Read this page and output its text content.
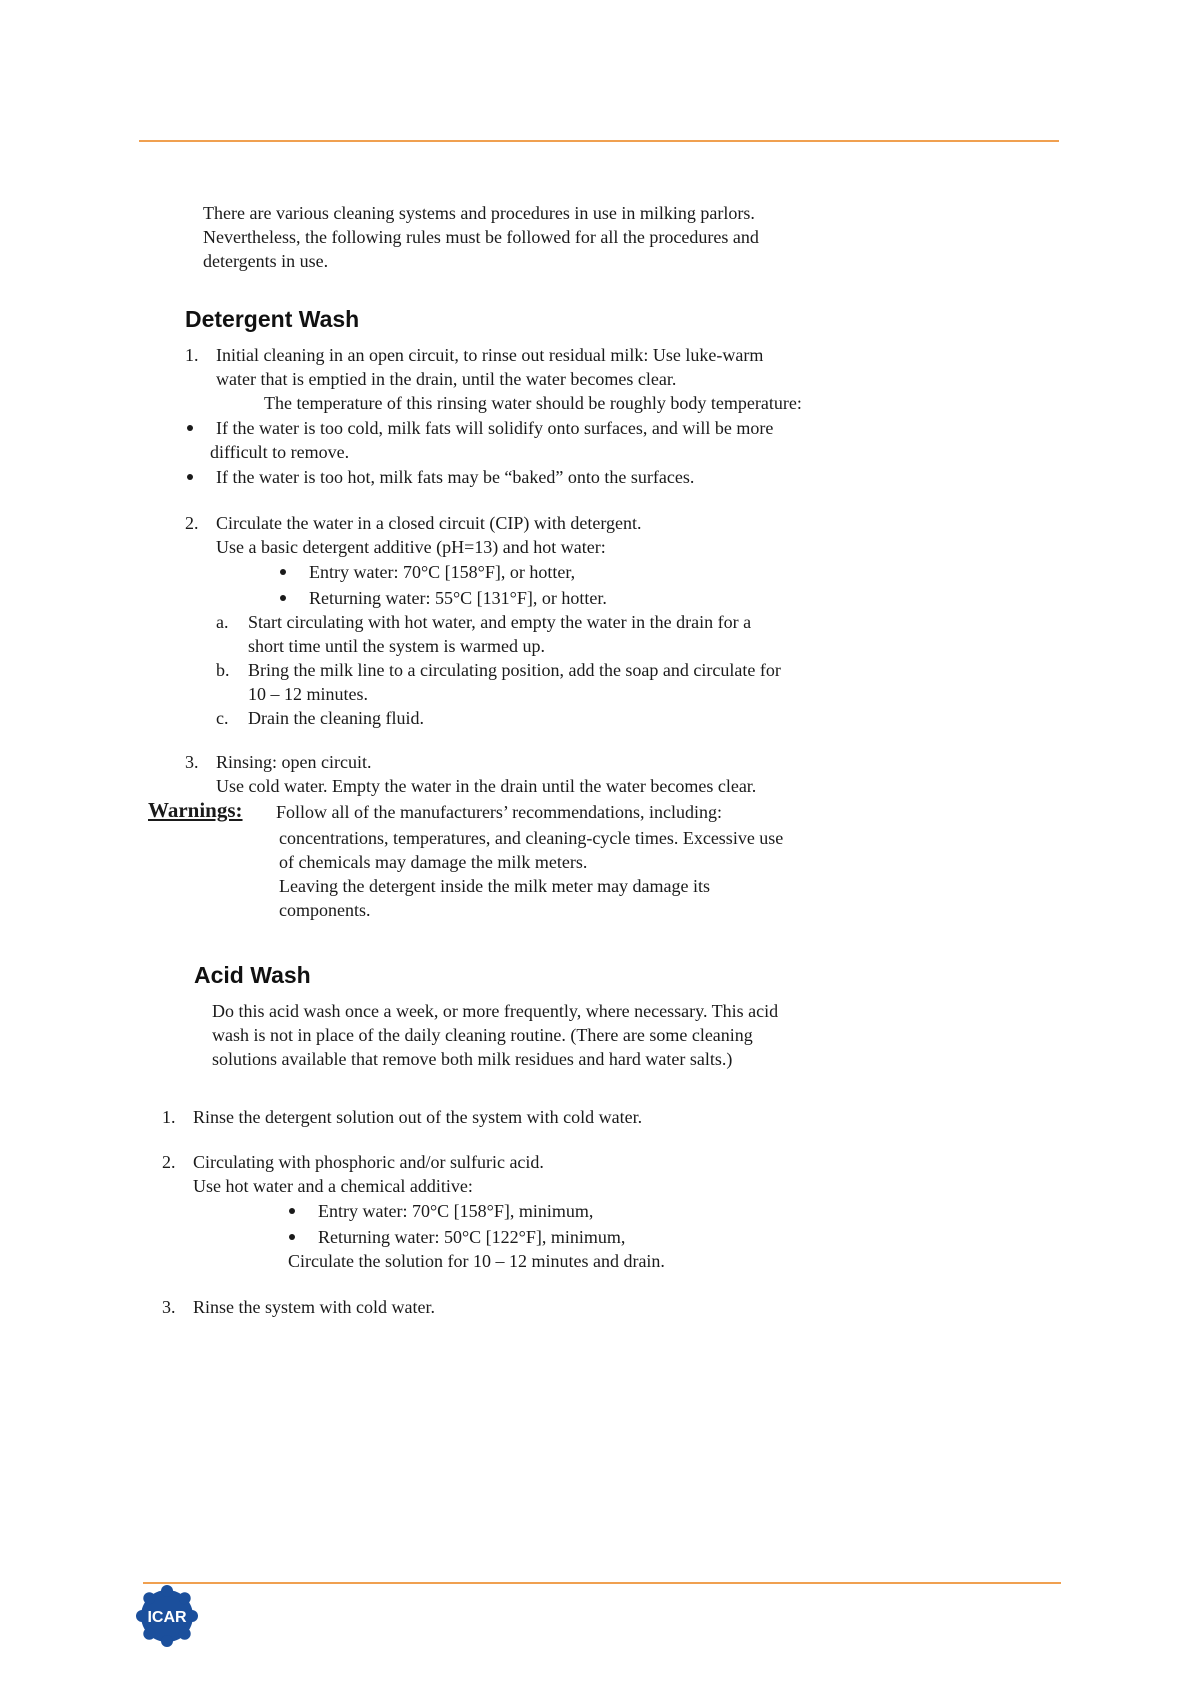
There are various cleaning systems and procedures in use in milking parlors.
Nevertheless, the following rules must be followed for all the procedures and
detergents in use.
Detergent Wash
1. Initial cleaning in an open circuit, to rinse out residual milk: Use luke-warm
water that is emptied in the drain, until the water becomes clear.
The temperature of this rinsing water should be roughly body temperature:
If the water is too cold, milk fats will solidify onto surfaces, and will be more
difficult to remove.
If the water is too hot, milk fats may be “baked” onto the surfaces.
2. Circulate the water in a closed circuit (CIP) with detergent.
Use a basic detergent additive (pH=13) and hot water:
Entry water: 70°C [158°F], or hotter,
Returning water: 55°C [131°F], or hotter.
a. Start circulating with hot water, and empty the water in the drain for a
short time until the system is warmed up.
b. Bring the milk line to a circulating position, add the soap and circulate for
10 – 12 minutes.
c. Drain the cleaning fluid.
3. Rinsing: open circuit.
Use cold water. Empty the water in the drain until the water becomes clear.
Warnings: Follow all of the manufacturers’ recommendations, including:
concentrations, temperatures, and cleaning-cycle times. Excessive use
of chemicals may damage the milk meters.
Leaving the detergent inside the milk meter may damage its
components.
Acid Wash
Do this acid wash once a week, or more frequently, where necessary. This acid
wash is not in place of the daily cleaning routine. (There are some cleaning
solutions available that remove both milk residues and hard water salts.)
1. Rinse the detergent solution out of the system with cold water.
2. Circulating with phosphoric and/or sulfuric acid.
Use hot water and a chemical additive:
Entry water: 70°C [158°F], minimum,
Returning water: 50°C [122°F], minimum,
Circulate the solution for 10 – 12 minutes and drain.
3. Rinse the system with cold water.
ICAR
